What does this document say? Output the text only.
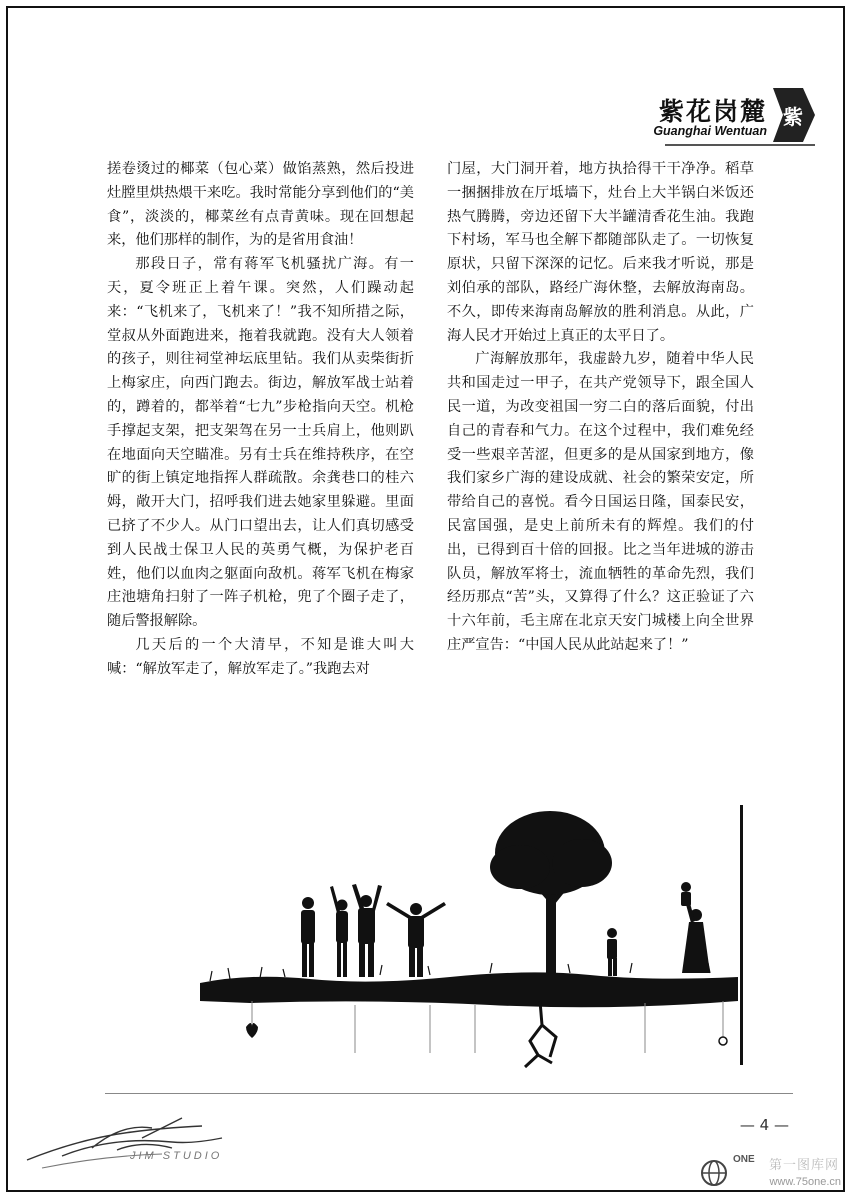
紫花岗麓
Guanghai Wentuan
紫

搓卷烫过的椰菜（包心菜）做馅蒸熟，然后投进灶膛里烘热煨干来吃。我时常能分享到他们的“美食”，淡淡的，椰菜丝有点青黄味。现在回想起来，他们那样的制作，为的是省用食油！

那段日子，常有蒋军飞机骚扰广海。有一天，夏令班正上着午课。突然，人们躁动起来：“飞机来了，飞机来了！”我不知所措之际，堂叔从外面跑进来，拖着我就跑。没有大人领着的孩子，则往祠堂神坛底里钻。我们从卖柴街折上梅家庄，向西门跑去。街边，解放军战士站着的，蹲着的，都举着“七九”步枪指向天空。机枪手撑起支架，把支架驾在另一士兵肩上，他则趴在地面向天空瞄准。另有士兵在维持秩序，在空旷的街上镇定地指挥人群疏散。余龚巷口的桂六姆，敞开大门，招呼我们进去她家里躲避。里面已挤了不少人。从门口望出去，让人们真切感受到人民战士保卫人民的英勇气概，为保护老百姓，他们以血肉之躯面向敌机。蒋军飞机在梅家庄池塘角扫射了一阵子机枪，兜了个圈子走了，随后警报解除。

几天后的一个大清早，不知是谁大叫大喊：“解放军走了，解放军走了。”我跑去对

门屋，大门洞开着，地方执拾得干干净净。稻草一捆捆排放在厅坻墙下，灶台上大半锅白米饭还热气腾腾，旁边还留下大半罐清香花生油。我跑下村场，军马也全解下都随部队走了。一切恢复原状，只留下深深的记忆。后来我才听说，那是刘伯承的部队，路经广海休整，去解放海南岛。不久，即传来海南岛解放的胜利消息。从此，广海人民才开始过上真正的太平日了。

广海解放那年，我虚龄九岁，随着中华人民共和国走过一甲子，在共产党领导下，跟全国人民一道，为改变祖国一穷二白的落后面貌，付出自己的青春和气力。在这个过程中，我们难免经受一些艰辛苦涩，但更多的是从国家到地方，像我们家乡广海的建设成就、社会的繁荣安定，所带给自己的喜悦。看今日国运日隆，国泰民安，民富国强，是史上前所未有的辉煌。我们的付出，已得到百十倍的回报。比之当年进城的游击队员，解放军将士，流血牺牲的革命先烈，我们经历那点“苦”头，又算得了什么？这正验证了六十六年前，毛主席在北京天安门城楼上向全世界庄严宣告：“中国人民从此站起来了！”

— 4 —
JIM STUDIO	ONE 第一图库网
www.75one.cn
